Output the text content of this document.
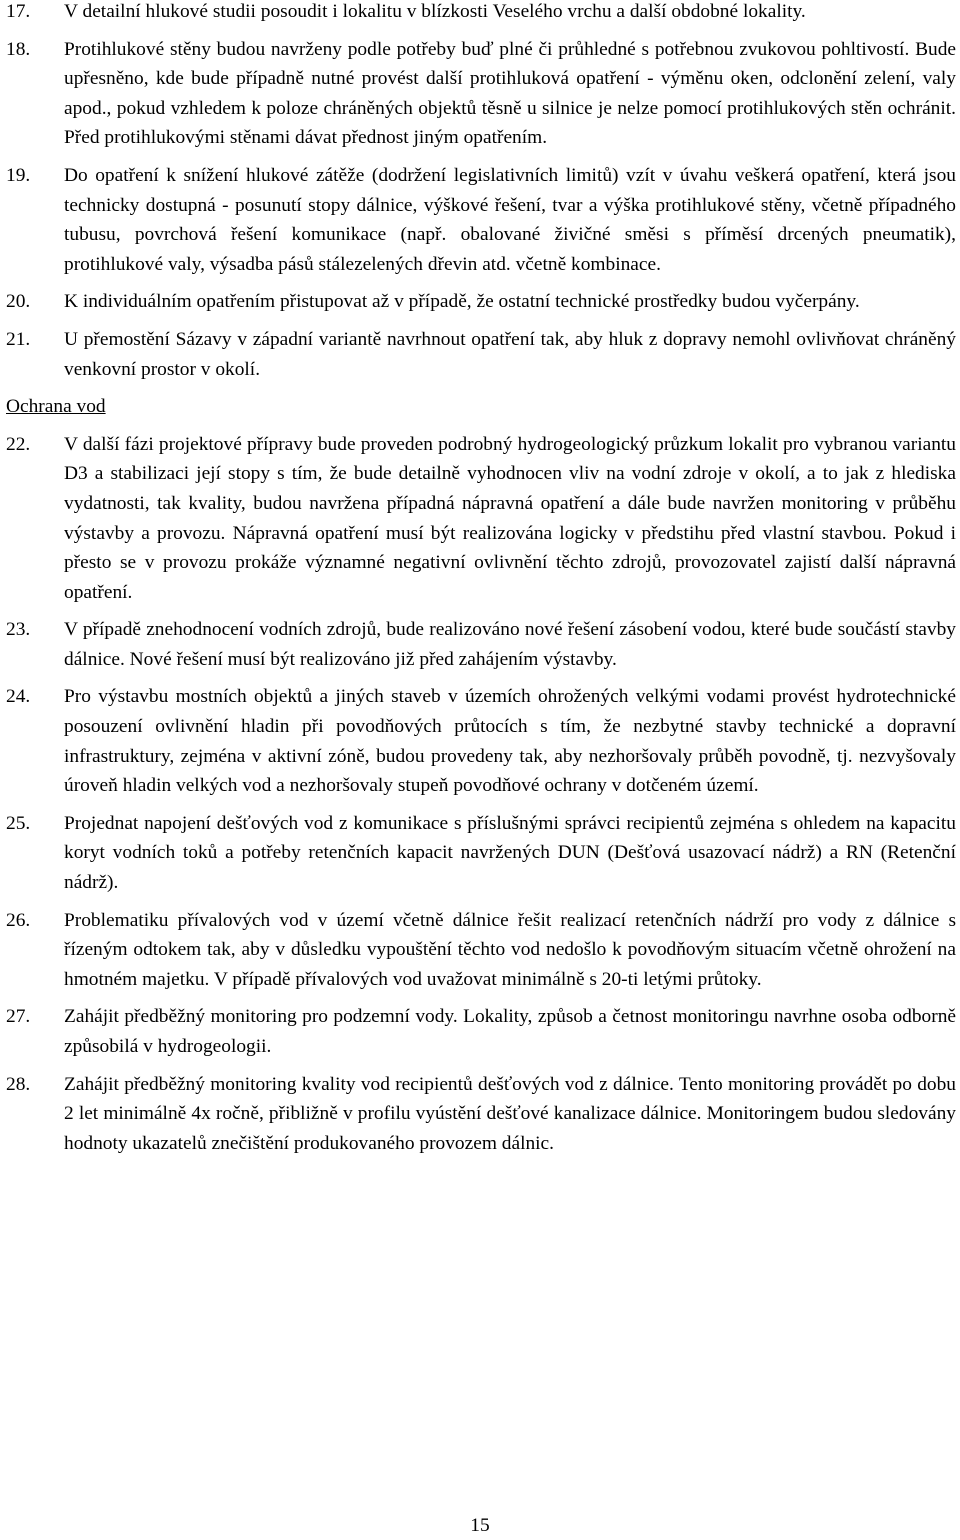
17.	V detailní hlukové studii posoudit i lokalitu v blízkosti Veselého vrchu a další obdobné lokality.
18.	Protihlukové stěny budou navrženy podle potřeby buď plné či průhledné s potřebnou zvukovou pohltivostí. Bude upřesněno, kde bude případně nutné provést další protihluková opatření - výměnu oken, odclonění zelení, valy apod., pokud vzhledem k poloze chráněných objektů těsně u silnice je nelze pomocí protihlukových stěn ochránit. Před protihlukovými stěnami dávat přednost jiným opatřením.
19.	Do opatření k snížení hlukové zátěže (dodržení legislativních limitů) vzít v úvahu veškerá opatření, která jsou technicky dostupná - posunutí stopy dálnice, výškové řešení, tvar a výška protihlukové stěny, včetně případného tubusu, povrchová řešení komunikace (např. obalované živičné směsi s příměsí drcených pneumatik), protihlukové valy, výsadba pásů stálezelených dřevin atd. včetně kombinace.
20.	K individuálním opatřením přistupovat až v případě, že ostatní technické prostředky budou vyčerpány.
21.	U přemostění Sázavy v západní variantě navrhnout opatření tak, aby hluk z dopravy nemohl ovlivňovat chráněný venkovní prostor v okolí.
Ochrana vod
22.	V další fázi projektové přípravy bude proveden podrobný hydrogeologický průzkum lokalit pro vybranou variantu D3 a stabilizaci její stopy s tím, že bude detailně vyhodnocen vliv na vodní zdroje v okolí, a to jak z hlediska vydatnosti, tak kvality, budou navržena případná nápravná opatření a dále bude navržen monitoring v průběhu výstavby a provozu. Nápravná opatření musí být realizována logicky v předstihu před vlastní stavbou. Pokud i přesto se v provozu prokáže významné negativní ovlivnění těchto zdrojů, provozovatel zajistí další nápravná opatření.
23.	V případě znehodnocení vodních zdrojů, bude realizováno nové řešení zásobení vodou, které bude součástí stavby dálnice. Nové řešení musí být realizováno již před zahájením výstavby.
24.	Pro výstavbu mostních objektů a jiných staveb v územích ohrožených velkými vodami provést hydrotechnické posouzení ovlivnění hladin při povodňových průtocích s tím, že nezbytné stavby technické a dopravní infrastruktury, zejména v aktivní zóně, budou provedeny tak, aby nezhoršovaly průběh povodně, tj. nezvyšovaly úroveň hladin velkých vod a nezhoršovaly stupeň povodňové ochrany v dotčeném území.
25.	Projednat napojení dešťových vod z komunikace s příslušnými správci recipientů zejména s ohledem na kapacitu koryt vodních toků a potřeby retenčních kapacit navržených DUN (Dešťová usazovací nádrž) a RN (Retenční nádrž).
26.	Problematiku přívalových vod v území včetně dálnice řešit realizací retenčních nádrží pro vody z dálnice s řízeným odtokem tak, aby v důsledku vypouštění těchto vod nedošlo k povodňovým situacím včetně ohrožení na hmotném majetku. V případě přívalových vod uvažovat minimálně s 20-ti letými průtoky.
27.	Zahájit předběžný monitoring pro podzemní vody. Lokality, způsob a četnost monitoringu navrhne osoba odborně způsobilá v hydrogeologii.
28.	Zahájit předběžný monitoring kvality vod recipientů dešťových vod z dálnice. Tento monitoring provádět po dobu 2 let minimálně 4x ročně, přibližně v profilu vyústění dešťové kanalizace dálnice. Monitoringem budou sledovány hodnoty ukazatelů znečištění produkovaného provozem dálnic.
15
